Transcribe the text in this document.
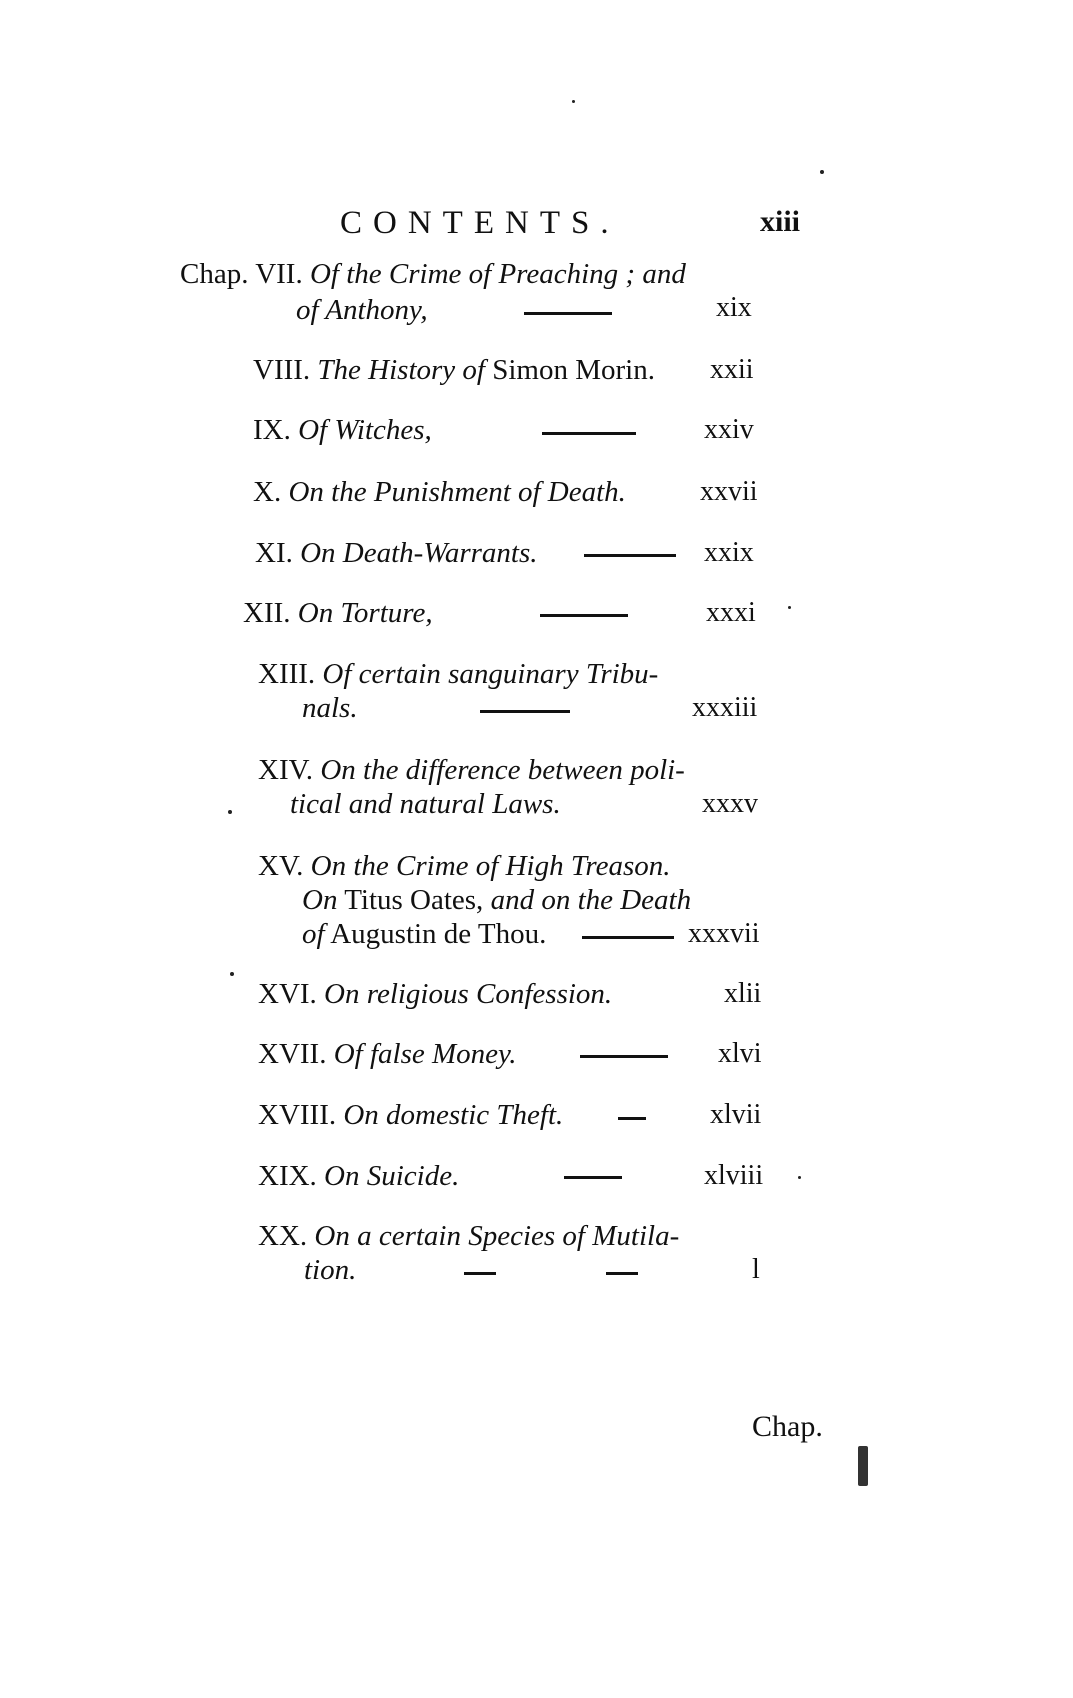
CONTENTS.	xiii
Chap. VII. Of the Crime of Preaching ; and
of Anthony,	xix
VIII. The History of Simon Morin. xxii
IX. Of Witches,	xxiv
X. On the Punishment of Death.	xxvii
XI. On Death-Warrants.	xxix
XII. On Torture,	xxxi
XIII. Of certain sanguinary Tribu-
nals.	xxxiii
XIV. On the difference between poli-
tical and natural Laws.	xxxv
XV. On the Crime of High Treason.
On Titus Oates, and on the Death
of Augustin de Thou.	xxxvii
XVI. On religious Confession.	xlii
XVII. Of false Money.	xlvi
XVIII. On domestic Theft.	xlvii
XIX. On Suicide.	xlviii
XX. On a certain Species of Mutila-
tion.	l
Chap.
